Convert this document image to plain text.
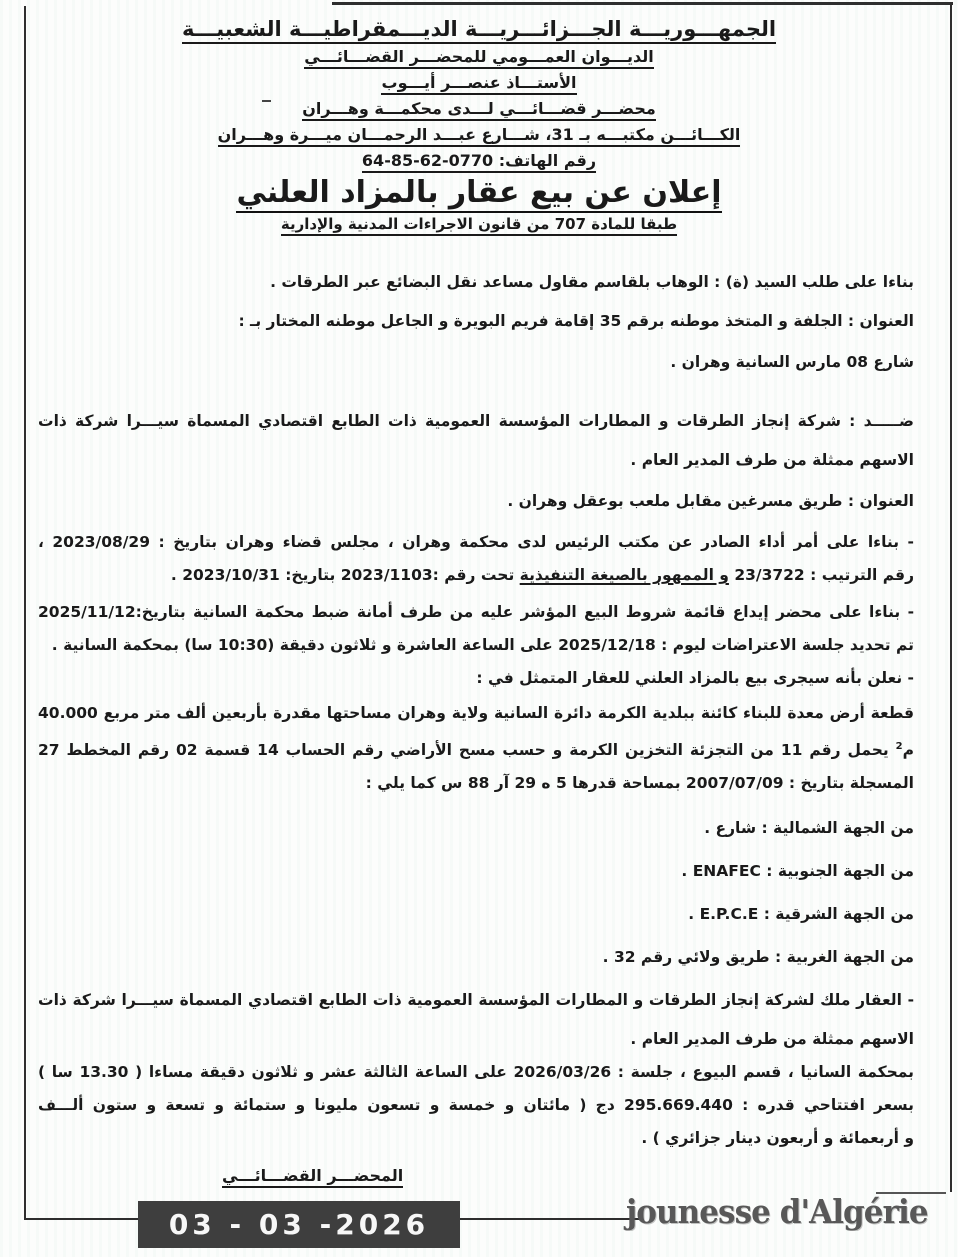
الجمهـــوريـــة الجـــزائـــريـــة الديـــمقراطيـــة الشعبيـــة
الديـــوان العمـــومي للمحضـــر القضـــائـــي
الأستـــاذ عنصـــر أيـــوب
محضـــر قضـــائـــي لـــدى محكمـــة وهـــران
الكـــائـــن مكتبـــه بـ 31، شـــارع عبـــد الرحمـــان ميـــرة وهـــران
رقم الهاتف: 0770-62-85-64
إعلان عن بيع عقار بالمزاد العلني
طبقا للمادة 707 من قانون الاجراءات المدنية والإدارية
بناءا على طلب السيد (ة) : الوهاب بلقاسم مقاول مساعد نقل البضائع عبر الطرقات .
العنوان : الجلفة و المتخذ موطنه برقم 35 إقامة فريم البويرة و الجاعل موطنه المختار بـ :
شارع 08 مارس السانية وهران .
ضـــــد : شركة إنجاز الطرقات و المطارات المؤسسة العمومية ذات الطابع اقتصادي المسماة سيـــرا شركة ذات
الاسهم ممثلة من طرف المدير العام .
العنوان : طريق مسرغين مقابل ملعب بوعقل وهران .
- بناءا على أمر أداء الصادر عن مكتب الرئيس لدى محكمة وهران ، مجلس قضاء وهران بتاريخ : 2023/08/29 ،
رقم الترتيب : 23/3722 و الممهور بالصيغة التنفيذية تحت رقم :2023/1103 بتاريخ: 2023/10/31 .
- بناءا على محضر إيداع قائمة شروط البيع المؤشر عليه من طرف أمانة ضبط محكمة السانية بتاريخ:2025/11/12
تم تحديد جلسة الاعتراضات ليوم : 2025/12/18 على الساعة العاشرة و ثلاثون دقيقة (10:30 سا) بمحكمة السانية .
- نعلن بأنه سيجرى بيع بالمزاد العلني للعقار المتمثل في :
قطعة أرض معدة للبناء كائنة ببلدية الكرمة دائرة السانية ولاية وهران مساحتها مقدرة بأربعين ألف متر مربع 40.000
م$^2$ يحمل رقم 11 من التجزئة التخزين الكرمة و حسب مسح الأراضي رقم الحساب 14 قسمة 02 رقم المخطط 27
المسجلة بتاريخ : 2007/07/09 بمساحة قدرها 5 ه 29 آر 88 س كما يلي :
من الجهة الشمالية : شارع .
من الجهة الجنوبية : ENAFEC .
من الجهة الشرقية : E.P.C.E .
من الجهة الغربية : طريق ولائي رقم 32 .
- العقار ملك لشركة إنجاز الطرقات و المطارات المؤسسة العمومية ذات الطابع اقتصادي المسماة سيـــرا شركة ذات
الاسهم ممثلة من طرف المدير العام .
بمحكمة السانيا ، قسم البيوع ، جلسة : 2026/03/26 على الساعة الثالثة عشر و ثلاثون دقيقة مساءا ( 13.30 سا )
بسعر افتتاحي قدره : 295.669.440 دج ( مائتان و خمسة و تسعون مليونا و ستمائة و تسعة و ستون ألـــف
و أربعمائة و أربعون دينار جزائري ) .
المحضـــر القضـــائـــي
03 - 03 -2026	jounesse d'Algérie
